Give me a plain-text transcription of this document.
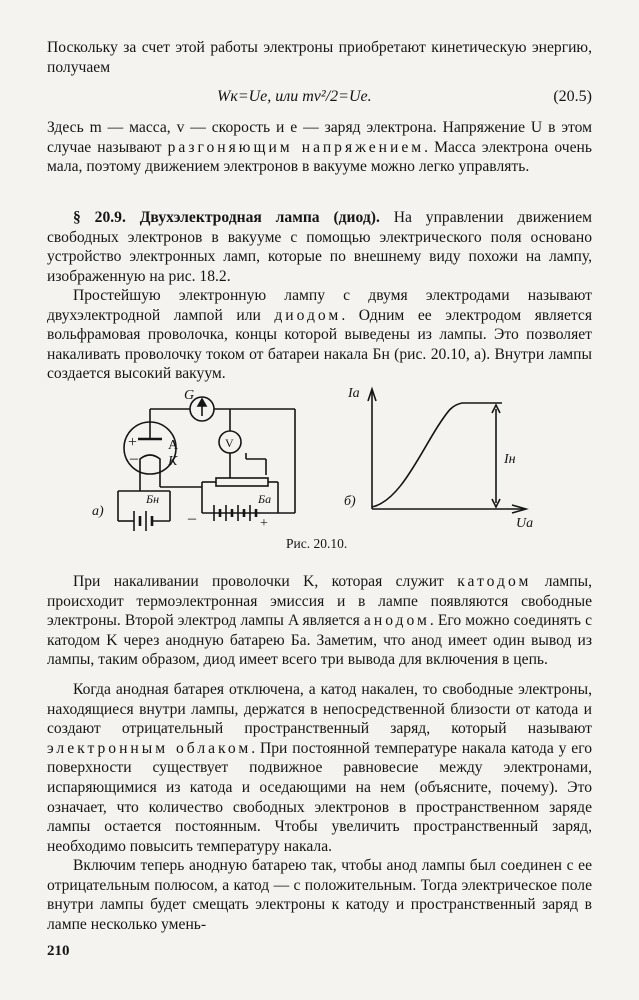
Поскольку за счет этой работы электроны приобретают кинетическую энергию, получаем

Wк=Ue, или mv²/2=Ue.	(20.5)

Здесь m — масса, v — скорость и e — заряд электрона. Напряжение U в этом случае называют разгоняющим напряжением. Масса электрона очень мала, поэтому движением электронов в вакууме можно легко управлять.

§ 20.9. Двухэлектродная лампа (диод). На управлении движением свободных электронов в вакууме с помощью электрического поля основано устройство электронных ламп, которые по внешнему виду похожи на лампу, изображенную на рис. 18.2.

Простейшую электронную лампу с двумя электродами называют двухэлектродной лампой или диодом. Одним ее электродом является вольфрамовая проволочка, концы которой выведены из лампы. Это позволяет накаливать проволочку током от батареи накала Бн (рис. 20.10, а). Внутри лампы создается высокий вакуум.

G
V
A
K
+
–
Бн	Бa
–	+
а)
Ia
Iн
Ua
б)
Рис. 20.10.

При накаливании проволочки K, которая служит катодом лампы, происходит термоэлектронная эмиссия и в лампе появляются свободные электроны. Второй электрод лампы A является анодом. Его можно соединять с катодом K через анодную батарею Бa. Заметим, что анод имеет один вывод из лампы, таким образом, диод имеет всего три вывода для включения в цепь.

Когда анодная батарея отключена, а катод накален, то свободные электроны, находящиеся внутри лампы, держатся в непосредственной близости от катода и создают отрицательный пространственный заряд, который называют электронным облаком. При постоянной температуре накала катода у его поверхности существует подвижное равновесие между электронами, испаряющимися из катода и оседающими на нем (объясните, почему). Это означает, что количество свободных электронов в пространственном заряде лампы остается постоянным. Чтобы увеличить пространственный заряд, необходимо повысить температуру накала.

Включим теперь анодную батарею так, чтобы анод лампы был соединен с ее отрицательным полюсом, а катод — с положительным. Тогда электрическое поле внутри лампы будет смещать электроны к катоду и пространственный заряд в лампе несколько умень-

210
